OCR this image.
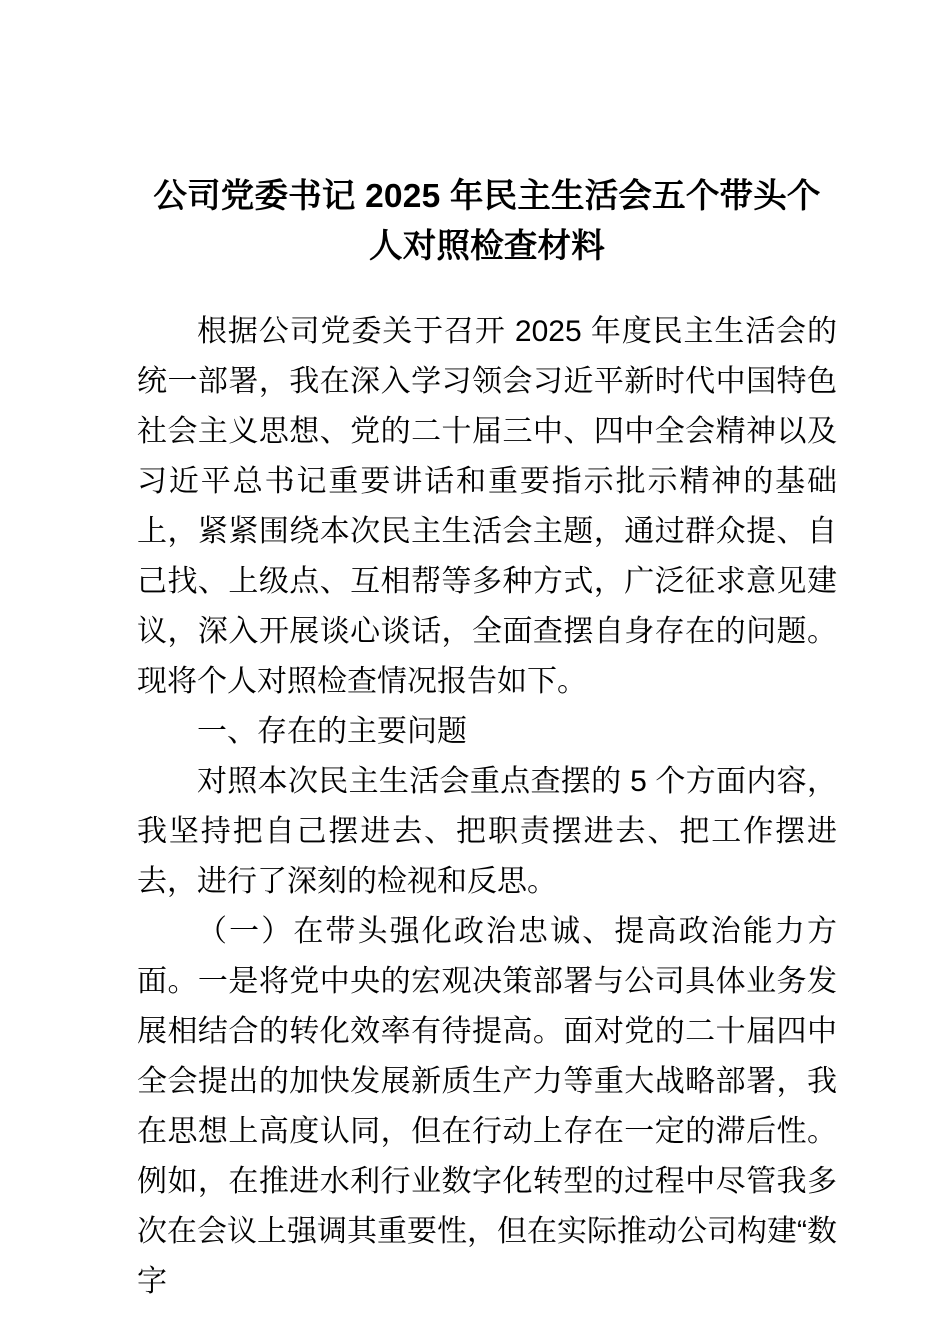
公司党委书记 2025 年民主生活会五个带头个人对照检查材料

根据公司党委关于召开 2025 年度民主生活会的统一部署，我在深入学习领会习近平新时代中国特色社会主义思想、党的二十届三中、四中全会精神以及习近平总书记重要讲话和重要指示批示精神的基础上，紧紧围绕本次民主生活会主题，通过群众提、自己找、上级点、互相帮等多种方式，广泛征求意见建议，深入开展谈心谈话，全面查摆自身存在的问题。现将个人对照检查情况报告如下。

一、存在的主要问题

对照本次民主生活会重点查摆的 5 个方面内容，我坚持把自己摆进去、把职责摆进去、把工作摆进去，进行了深刻的检视和反思。

（一）在带头强化政治忠诚、提高政治能力方面。一是将党中央的宏观决策部署与公司具体业务发展相结合的转化效率有待提高。面对党的二十届四中全会提出的加快发展新质生产力等重大战略部署，我在思想上高度认同，但在行动上存在一定的滞后性。例如，在推进水利行业数字化转型的过程中尽管我多次在会议上强调其重要性，但在实际推动公司构建“数字
